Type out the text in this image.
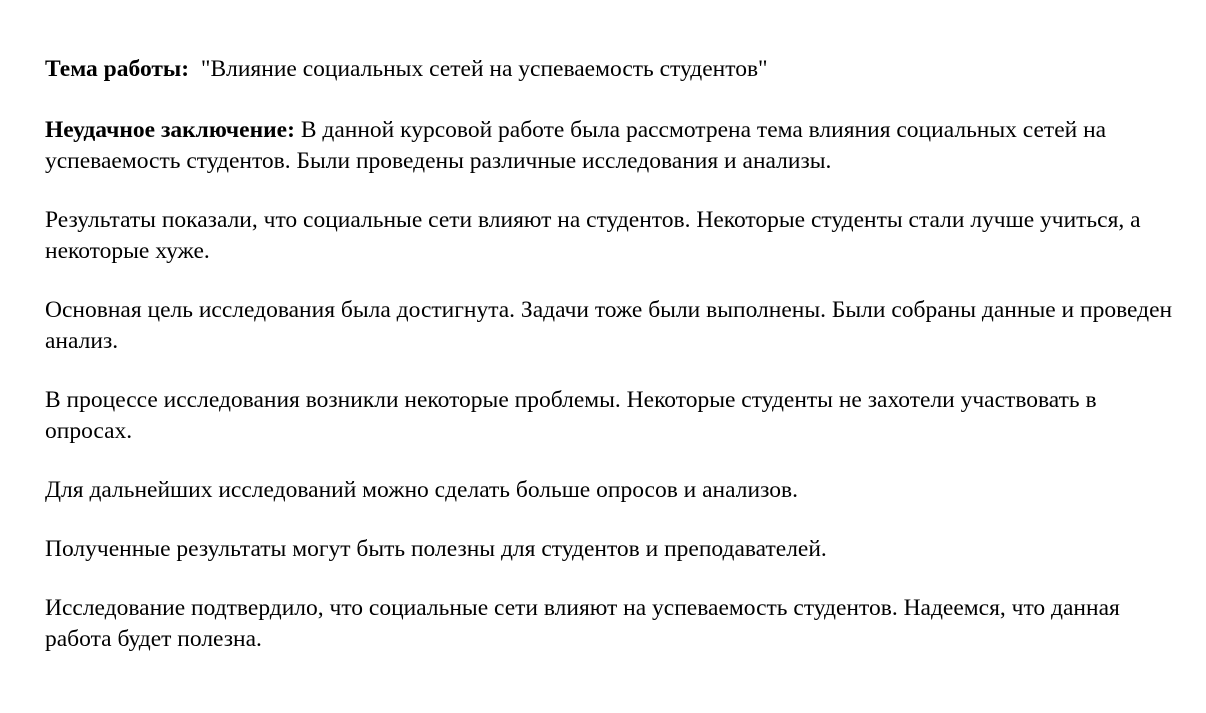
Тема работы: "Влияние социальных сетей на успеваемость студентов"

Неудачное заключение: В данной курсовой работе была рассмотрена тема влияния социальных сетей на успеваемость студентов. Были проведены различные исследования и анализы.

Результаты показали, что социальные сети влияют на студентов. Некоторые студенты стали лучше учиться, а некоторые хуже.

Основная цель исследования была достигнута. Задачи тоже были выполнены. Были собраны данные и проведен анализ.

В процессе исследования возникли некоторые проблемы. Некоторые студенты не захотели участвовать в опросах.

Для дальнейших исследований можно сделать больше опросов и анализов.

Полученные результаты могут быть полезны для студентов и преподавателей.

Исследование подтвердило, что социальные сети влияют на успеваемость студентов. Надеемся, что данная работа будет полезна.
